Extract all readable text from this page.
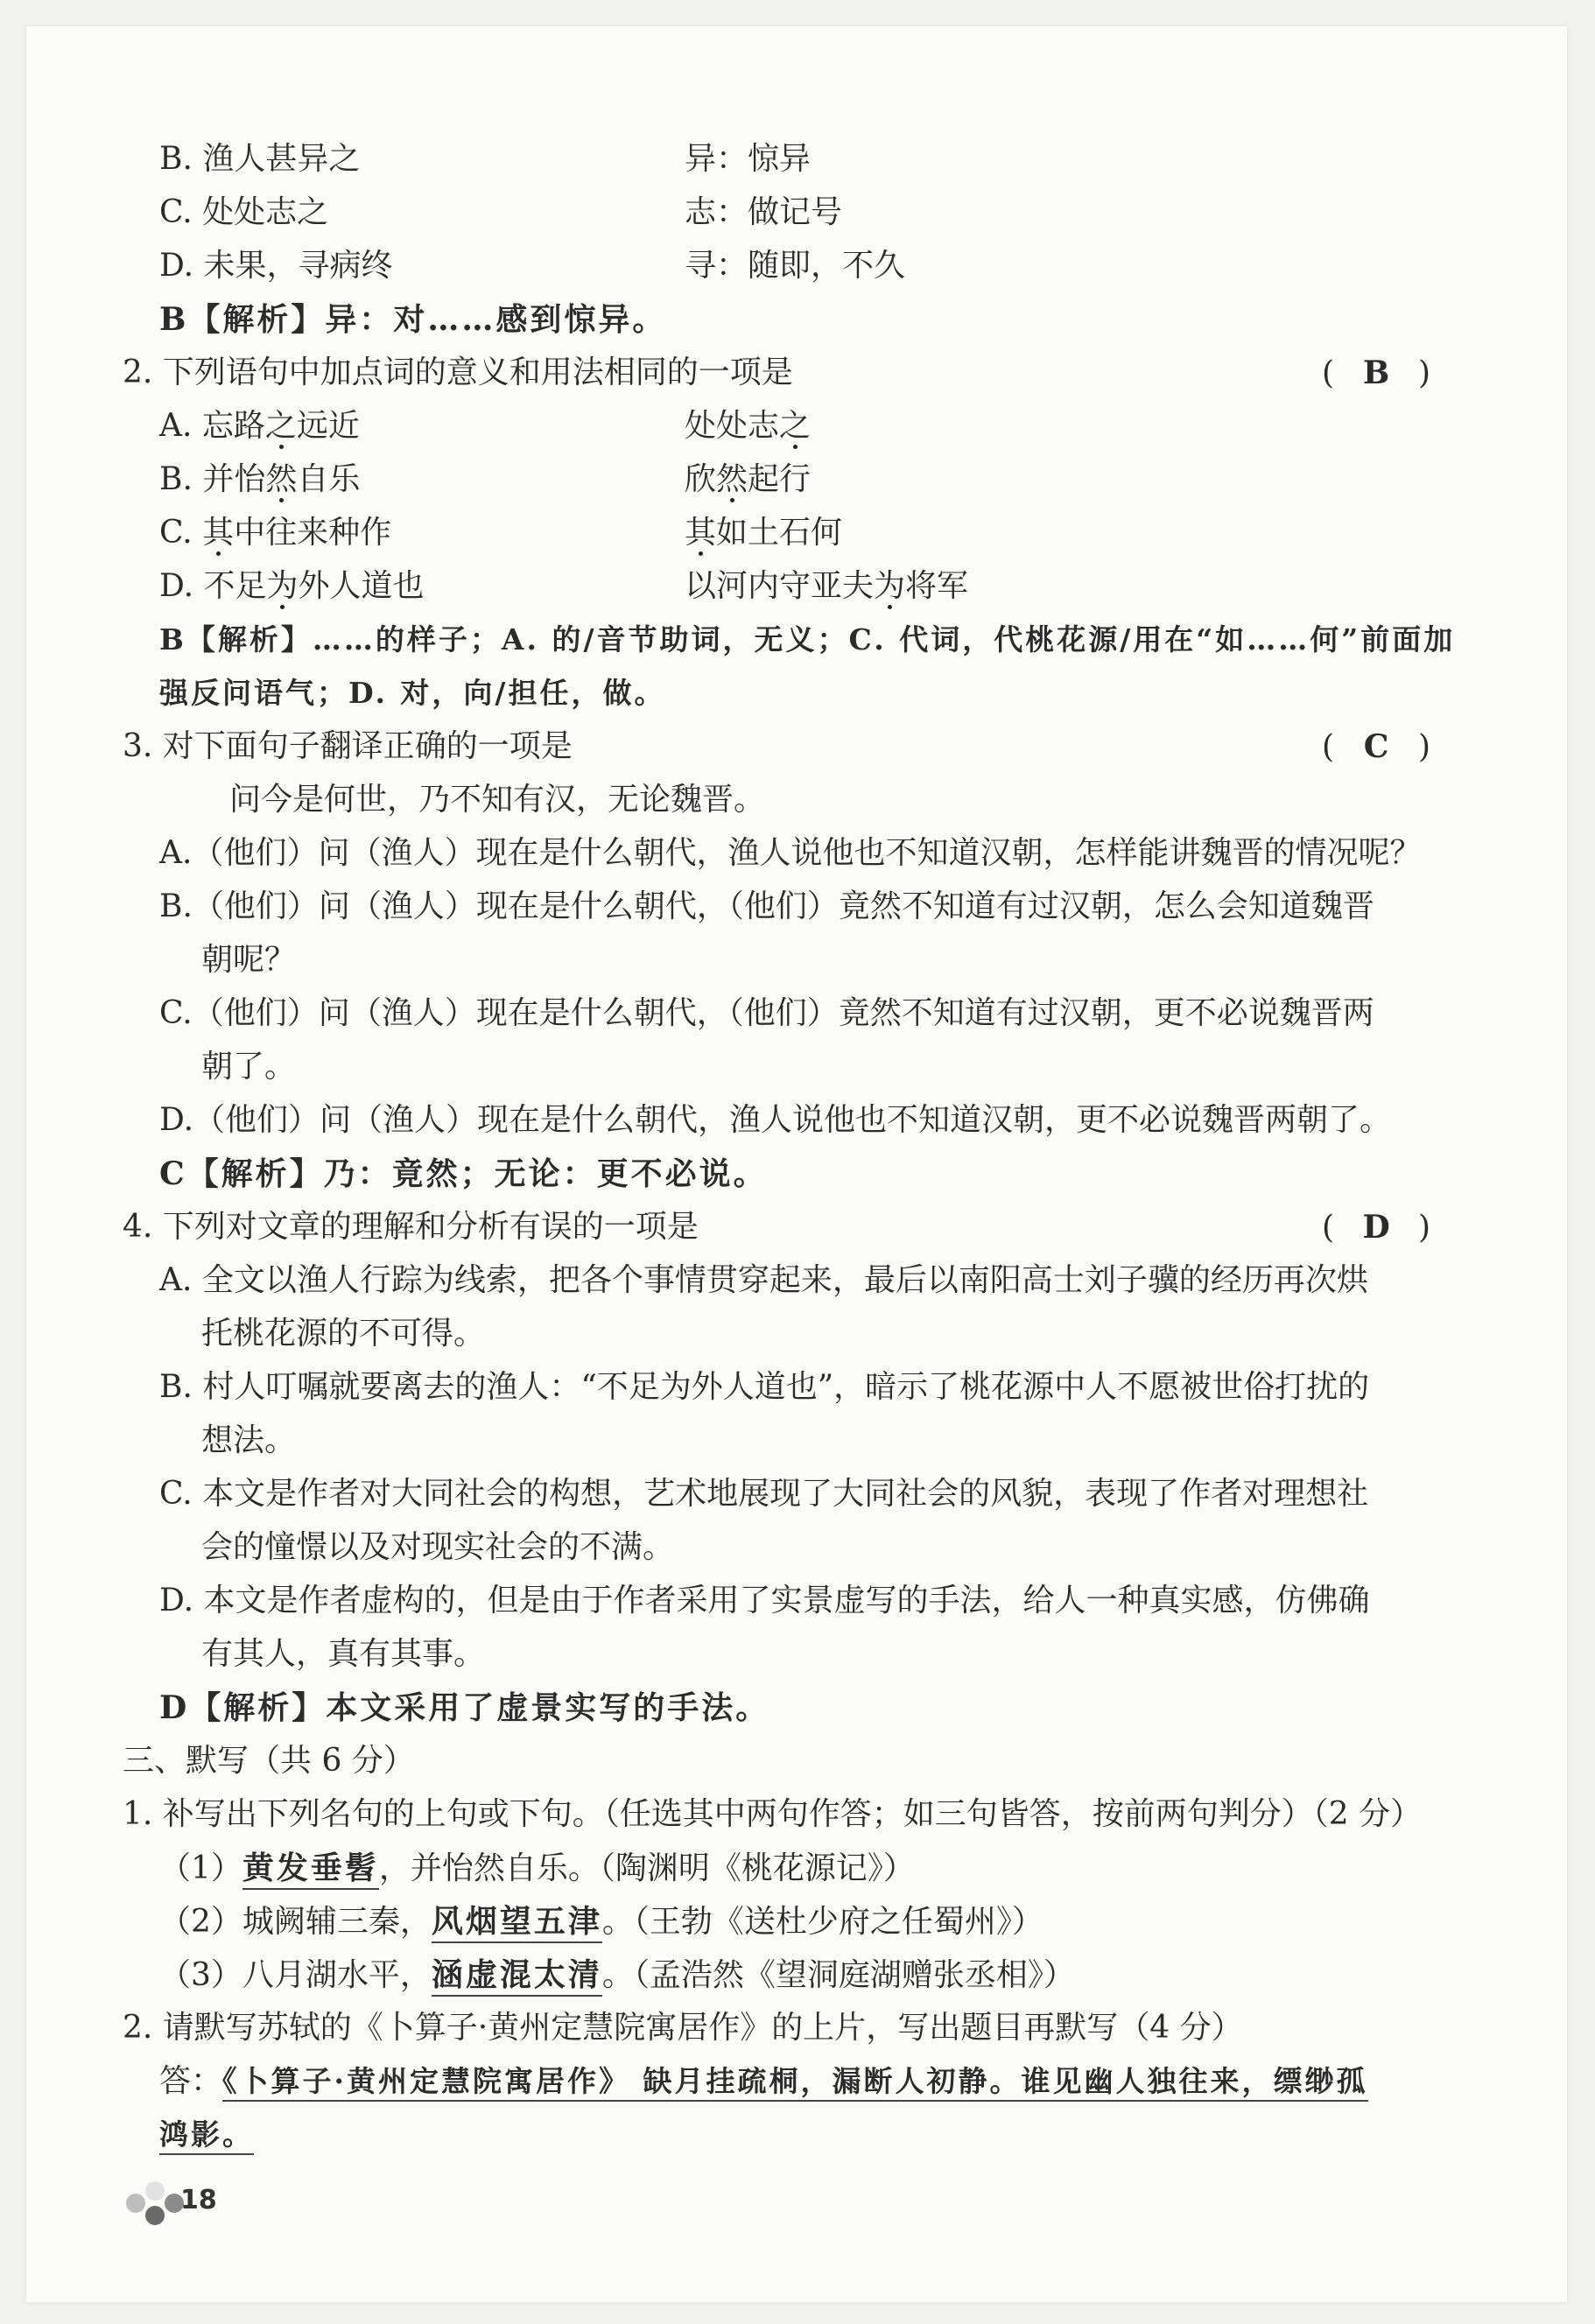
B. 渔人甚异之	异：惊异
C. 处处志之	志：做记号
D. 未果，寻病终	寻：随即，不久
B【解析】异：对……感到惊异。
2. 下列语句中加点词的意义和用法相同的一项是	( B )
A. 忘路之远近	处处志之
B. 并怡然自乐	欣然起行
C. 其中往来种作	其如土石何
D. 不足为外人道也	以河内守亚夫为将军
B【解析】……的样子；A. 的/音节助词，无义；C. 代词，代桃花源/用在“如……何”前面加
强反问语气；D. 对，向/担任，做。
3. 对下面句子翻译正确的一项是	( C )
问今是何世，乃不知有汉，无论魏晋。
A.（他们）问（渔人）现在是什么朝代，渔人说他也不知道汉朝，怎样能讲魏晋的情况呢？
B.（他们）问（渔人）现在是什么朝代，（他们）竟然不知道有过汉朝，怎么会知道魏晋
朝呢？
C.（他们）问（渔人）现在是什么朝代，（他们）竟然不知道有过汉朝，更不必说魏晋两
朝了。
D.（他们）问（渔人）现在是什么朝代，渔人说他也不知道汉朝，更不必说魏晋两朝了。
C【解析】乃：竟然；无论：更不必说。
4. 下列对文章的理解和分析有误的一项是	( D )
A. 全文以渔人行踪为线索，把各个事情贯穿起来，最后以南阳高士刘子骥的经历再次烘
托桃花源的不可得。
B. 村人叮嘱就要离去的渔人：“不足为外人道也”，暗示了桃花源中人不愿被世俗打扰的
想法。
C. 本文是作者对大同社会的构想，艺术地展现了大同社会的风貌，表现了作者对理想社
会的憧憬以及对现实社会的不满。
D. 本文是作者虚构的，但是由于作者采用了实景虚写的手法，给人一种真实感，仿佛确
有其人，真有其事。
D【解析】本文采用了虚景实写的手法。
三、默写（共 6 分）
1. 补写出下列名句的上句或下句。（任选其中两句作答；如三句皆答，按前两句判分）（2 分）
（1）黄发垂髫，并怡然自乐。（陶渊明《桃花源记》）
（2）城阙辅三秦，风烟望五津。（王勃《送杜少府之任蜀州》）
（3）八月湖水平，涵虚混太清。（孟浩然《望洞庭湖赠张丞相》）
2. 请默写苏轼的《卜算子·黄州定慧院寓居作》的上片，写出题目再默写（4 分）
答：《卜算子·黄州定慧院寓居作》 缺月挂疏桐，漏断人初静。谁见幽人独往来，缥缈孤
鸿影。
18
